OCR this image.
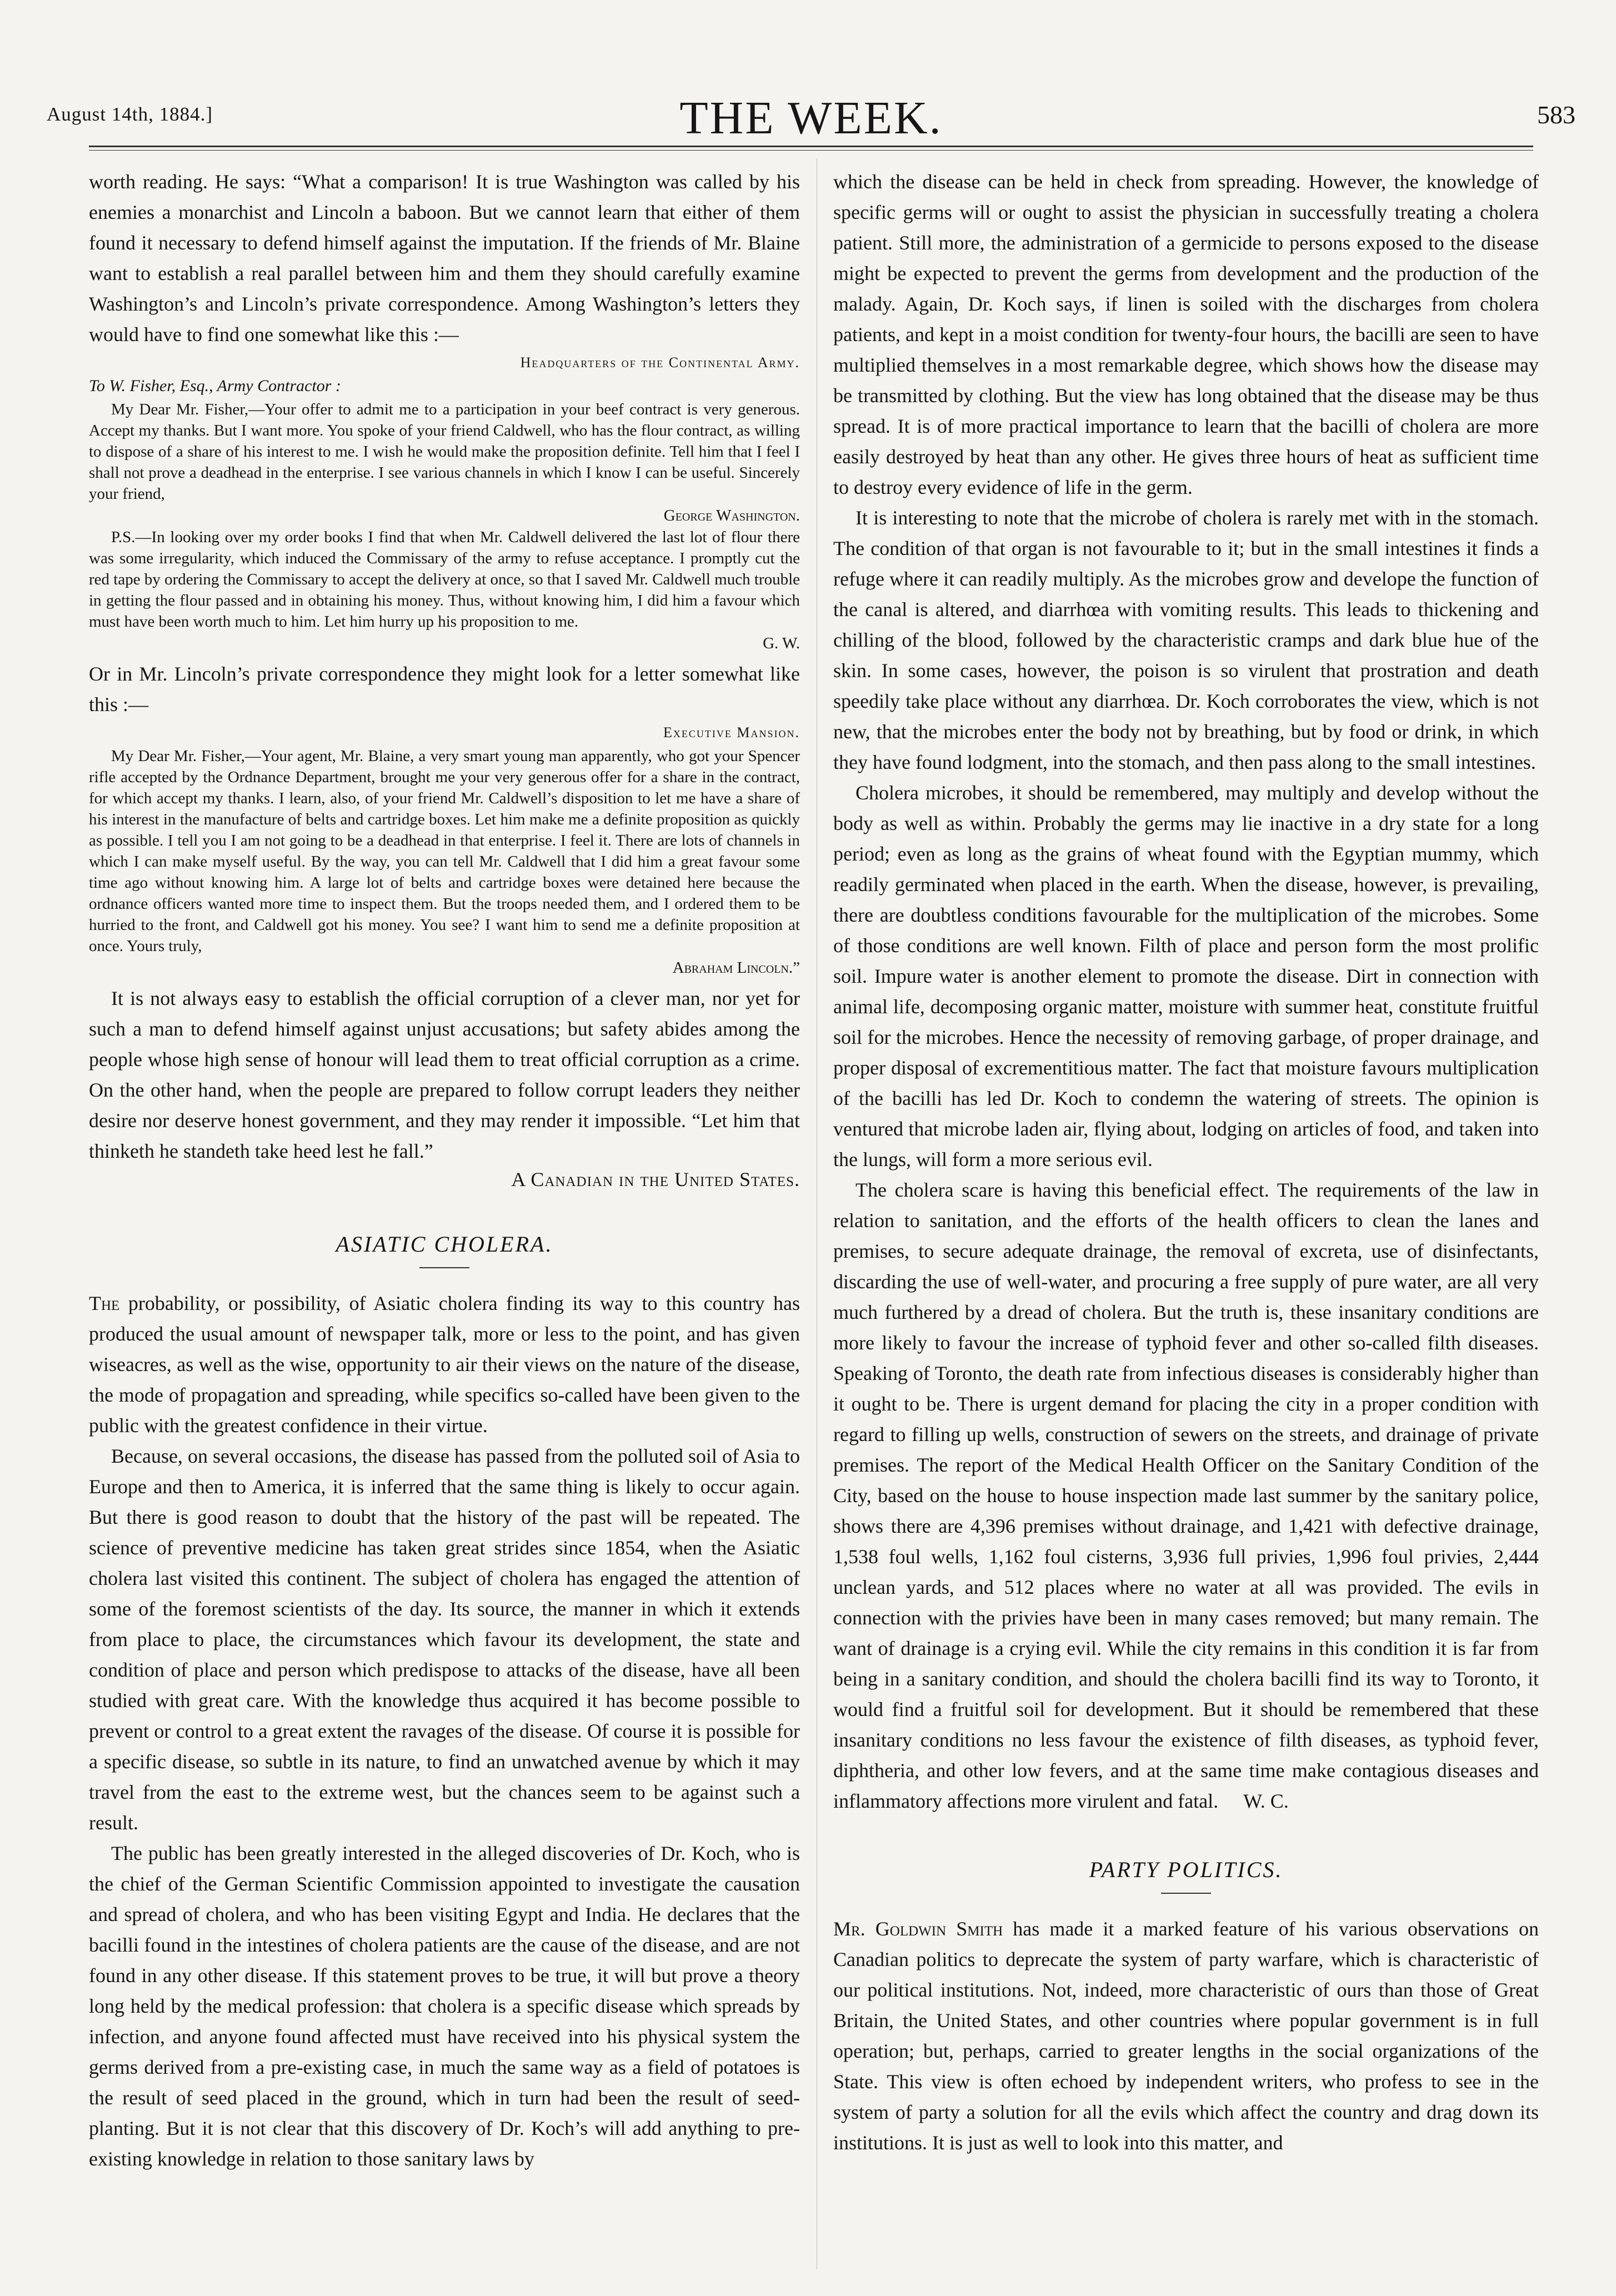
August 14th, 1884.]	THE WEEK.	583

worth reading. He says: “What a comparison! It is true Washington was called by his enemies a monarchist and Lincoln a baboon. But we cannot learn that either of them found it necessary to defend himself against the imputation. If the friends of Mr. Blaine want to establish a real parallel between him and them they should carefully examine Washington’s and Lincoln’s private correspondence. Among Washington’s letters they would have to find one somewhat like this :—

Headquarters of the Continental Army.
To W. Fisher, Esq., Army Contractor :

My Dear Mr. Fisher,—Your offer to admit me to a participation in your beef contract is very generous. Accept my thanks. But I want more. You spoke of your friend Caldwell, who has the flour contract, as willing to dispose of a share of his interest to me. I wish he would make the proposition definite. Tell him that I feel I shall not prove a deadhead in the enterprise. I see various channels in which I know I can be useful. Sincerely your friend,

George Washington.

P.S.—In looking over my order books I find that when Mr. Caldwell delivered the last lot of flour there was some irregularity, which induced the Commissary of the army to refuse acceptance. I promptly cut the red tape by ordering the Commissary to accept the delivery at once, so that I saved Mr. Caldwell much trouble in getting the flour passed and in obtaining his money. Thus, without knowing him, I did him a favour which must have been worth much to him. Let him hurry up his proposition to me.

G. W.

Or in Mr. Lincoln’s private correspondence they might look for a letter somewhat like this :—

Executive Mansion.

My Dear Mr. Fisher,—Your agent, Mr. Blaine, a very smart young man apparently, who got your Spencer rifle accepted by the Ordnance Department, brought me your very generous offer for a share in the contract, for which accept my thanks. I learn, also, of your friend Mr. Caldwell’s disposition to let me have a share of his interest in the manufacture of belts and cartridge boxes. Let him make me a definite proposition as quickly as possible. I tell you I am not going to be a deadhead in that enterprise. I feel it. There are lots of channels in which I can make myself useful. By the way, you can tell Mr. Caldwell that I did him a great favour some time ago without knowing him. A large lot of belts and cartridge boxes were detained here because the ordnance officers wanted more time to inspect them. But the troops needed them, and I ordered them to be hurried to the front, and Caldwell got his money. You see? I want him to send me a definite proposition at once. Yours truly,

Abraham Lincoln.”

It is not always easy to establish the official corruption of a clever man, nor yet for such a man to defend himself against unjust accusations; but safety abides among the people whose high sense of honour will lead them to treat official corruption as a crime. On the other hand, when the people are prepared to follow corrupt leaders they neither desire nor deserve honest government, and they may render it impossible. “Let him that thinketh he standeth take heed lest he fall.”

A Canadian in the United States.
ASIATIC CHOLERA.

The probability, or possibility, of Asiatic cholera finding its way to this country has produced the usual amount of newspaper talk, more or less to the point, and has given wiseacres, as well as the wise, opportunity to air their views on the nature of the disease, the mode of propagation and spreading, while specifics so-called have been given to the public with the greatest confidence in their virtue.

Because, on several occasions, the disease has passed from the polluted soil of Asia to Europe and then to America, it is inferred that the same thing is likely to occur again. But there is good reason to doubt that the history of the past will be repeated. The science of preventive medicine has taken great strides since 1854, when the Asiatic cholera last visited this continent. The subject of cholera has engaged the attention of some of the foremost scientists of the day. Its source, the manner in which it extends from place to place, the circumstances which favour its development, the state and condition of place and person which predispose to attacks of the disease, have all been studied with great care. With the knowledge thus acquired it has become possible to prevent or control to a great extent the ravages of the disease. Of course it is possible for a specific disease, so subtle in its nature, to find an unwatched avenue by which it may travel from the east to the extreme west, but the chances seem to be against such a result.

The public has been greatly interested in the alleged discoveries of Dr. Koch, who is the chief of the German Scientific Commission appointed to investigate the causation and spread of cholera, and who has been visiting Egypt and India. He declares that the bacilli found in the intestines of cholera patients are the cause of the disease, and are not found in any other disease. If this statement proves to be true, it will but prove a theory long held by the medical profession: that cholera is a specific disease which spreads by infection, and anyone found affected must have received into his physical system the germs derived from a pre-existing case, in much the same way as a field of potatoes is the result of seed placed in the ground, which in turn had been the result of seed-planting. But it is not clear that this discovery of Dr. Koch’s will add anything to pre-existing knowledge in relation to those sanitary laws by

which the disease can be held in check from spreading. However, the knowledge of specific germs will or ought to assist the physician in successfully treating a cholera patient. Still more, the administration of a germicide to persons exposed to the disease might be expected to prevent the germs from development and the production of the malady. Again, Dr. Koch says, if linen is soiled with the discharges from cholera patients, and kept in a moist condition for twenty-four hours, the bacilli are seen to have multiplied themselves in a most remarkable degree, which shows how the disease may be transmitted by clothing. But the view has long obtained that the disease may be thus spread. It is of more practical importance to learn that the bacilli of cholera are more easily destroyed by heat than any other. He gives three hours of heat as sufficient time to destroy every evidence of life in the germ.

It is interesting to note that the microbe of cholera is rarely met with in the stomach. The condition of that organ is not favourable to it; but in the small intestines it finds a refuge where it can readily multiply. As the microbes grow and develope the function of the canal is altered, and diarrhœa with vomiting results. This leads to thickening and chilling of the blood, followed by the characteristic cramps and dark blue hue of the skin. In some cases, however, the poison is so virulent that prostration and death speedily take place without any diarrhœa. Dr. Koch corroborates the view, which is not new, that the microbes enter the body not by breathing, but by food or drink, in which they have found lodgment, into the stomach, and then pass along to the small intestines.

Cholera microbes, it should be remembered, may multiply and develop without the body as well as within. Probably the germs may lie inactive in a dry state for a long period; even as long as the grains of wheat found with the Egyptian mummy, which readily germinated when placed in the earth. When the disease, however, is prevailing, there are doubtless conditions favourable for the multiplication of the microbes. Some of those conditions are well known. Filth of place and person form the most prolific soil. Impure water is another element to promote the disease. Dirt in connection with animal life, decomposing organic matter, moisture with summer heat, constitute fruitful soil for the microbes. Hence the necessity of removing garbage, of proper drainage, and proper disposal of excrementitious matter. The fact that moisture favours multiplication of the bacilli has led Dr. Koch to condemn the watering of streets. The opinion is ventured that microbe laden air, flying about, lodging on articles of food, and taken into the lungs, will form a more serious evil.

The cholera scare is having this beneficial effect. The requirements of the law in relation to sanitation, and the efforts of the health officers to clean the lanes and premises, to secure adequate drainage, the removal of excreta, use of disinfectants, discarding the use of well-water, and procuring a free supply of pure water, are all very much furthered by a dread of cholera. But the truth is, these insanitary conditions are more likely to favour the increase of typhoid fever and other so-called filth diseases. Speaking of Toronto, the death rate from infectious diseases is considerably higher than it ought to be. There is urgent demand for placing the city in a proper condition with regard to filling up wells, construction of sewers on the streets, and drainage of private premises. The report of the Medical Health Officer on the Sanitary Condition of the City, based on the house to house inspection made last summer by the sanitary police, shows there are 4,396 premises without drainage, and 1,421 with defective drainage, 1,538 foul wells, 1,162 foul cisterns, 3,936 full privies, 1,996 foul privies, 2,444 unclean yards, and 512 places where no water at all was provided. The evils in connection with the privies have been in many cases removed; but many remain. The want of drainage is a crying evil. While the city remains in this condition it is far from being in a sanitary condition, and should the cholera bacilli find its way to Toronto, it would find a fruitful soil for development. But it should be remembered that these insanitary conditions no less favour the existence of filth diseases, as typhoid fever, diphtheria, and other low fevers, and at the same time make contagious diseases and inflammatory affections more virulent and fatal. W. C.

PARTY POLITICS.

Mr. Goldwin Smith has made it a marked feature of his various observations on Canadian politics to deprecate the system of party warfare, which is characteristic of our political institutions. Not, indeed, more characteristic of ours than those of Great Britain, the United States, and other countries where popular government is in full operation; but, perhaps, carried to greater lengths in the social organizations of the State. This view is often echoed by independent writers, who profess to see in the system of party a solution for all the evils which affect the country and drag down its institutions. It is just as well to look into this matter, and
